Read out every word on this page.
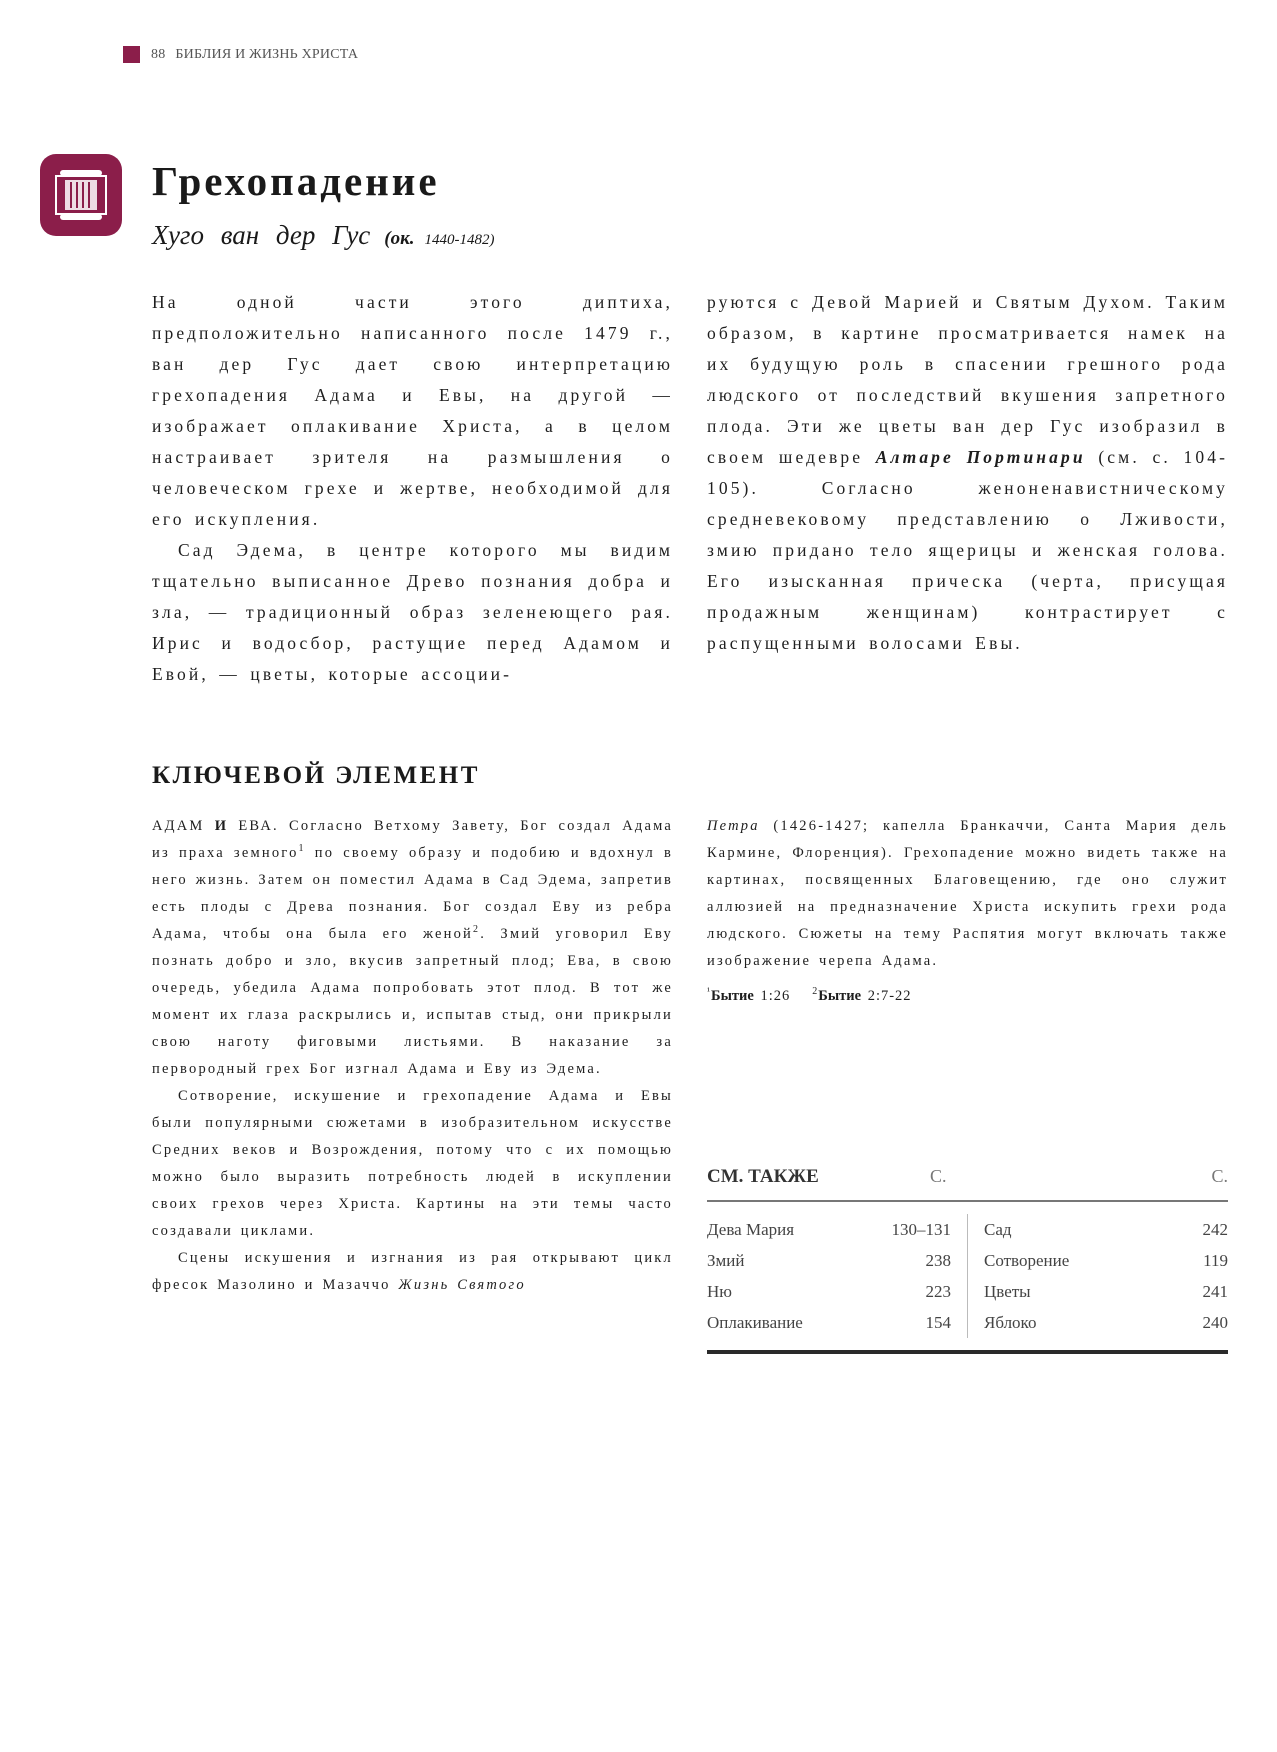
88 БИБЛИЯ И ЖИЗНЬ ХРИСТА
Грехопадение
Хуго ван дер Гус (ок. 1440-1482)

На одной части этого диптиха, предположительно написанного после 1479 г., ван дер Гус дает свою интерпретацию грехопадения Адама и Евы, на другой — изображает оплакивание Христа, а в целом настраивает зрителя на размышления о человеческом грехе и жертве, необходимой для его искупления.

Сад Эдема, в центре которого мы видим тщательно выписанное Древо познания добра и зла, — традиционный образ зеленеющего рая. Ирис и водосбор, растущие перед Адамом и Евой, — цветы, которые ассоции-

руются с Девой Марией и Святым Духом. Таким образом, в картине просматривается намек на их будущую роль в спасении грешного рода людского от последствий вкушения запретного плода. Эти же цветы ван дер Гус изобразил в своем шедевре Алтаре Портинари (см. с. 104-105). Согласно женоненавистническому средневековому представлению о Лживости, змию придано тело ящерицы и женская голова. Его изысканная прическа (черта, присущая продажным женщинам) контрастирует с распущенными волосами Евы.

КЛЮЧЕВОЙ ЭЛЕМЕНТ

АДАМ И ЕВА. Согласно Ветхому Завету, Бог создал Адама из праха земного$^1$ по своему образу и подобию и вдохнул в него жизнь. Затем он поместил Адама в Сад Эдема, запретив есть плоды с Древа познания. Бог создал Еву из ребра Адама, чтобы она была его женой$^2$. Змий уговорил Еву познать добро и зло, вкусив запретный плод; Ева, в свою очередь, убедила Адама попробовать этот плод. В тот же момент их глаза раскрылись и, испытав стыд, они прикрыли свою наготу фиговыми листьями. В наказание за первородный грех Бог изгнал Адама и Еву из Эдема.

Сотворение, искушение и грехопадение Адама и Евы были популярными сюжетами в изобразительном искусстве Средних веков и Возрождения, потому что с их помощью можно было выразить потребность людей в искуплении своих грехов через Христа. Картины на эти темы часто создавали циклами.

Сцены искушения и изгнания из рая открывают цикл фресок Мазолино и Мазаччо Жизнь Святого

Петра (1426-1427; капелла Бранкаччи, Санта Мария дель Кармине, Флоренция). Грехопадение можно видеть также на картинах, посвященных Благовещению, где оно служит аллюзией на предназначение Христа искупить грехи рода людского. Сюжеты на тему Распятия могут включать также изображение черепа Адама.

$^{^1}$Бытие 1:26 $^2$Бытие 2:7-22
СМ. ТАКЖЕ	С.	С.
Дева Мария	130–131
Змий	238
Ню	223
Оплакивание	154
Сад	242
Сотворение	119
Цветы	241
Яблоко	240
